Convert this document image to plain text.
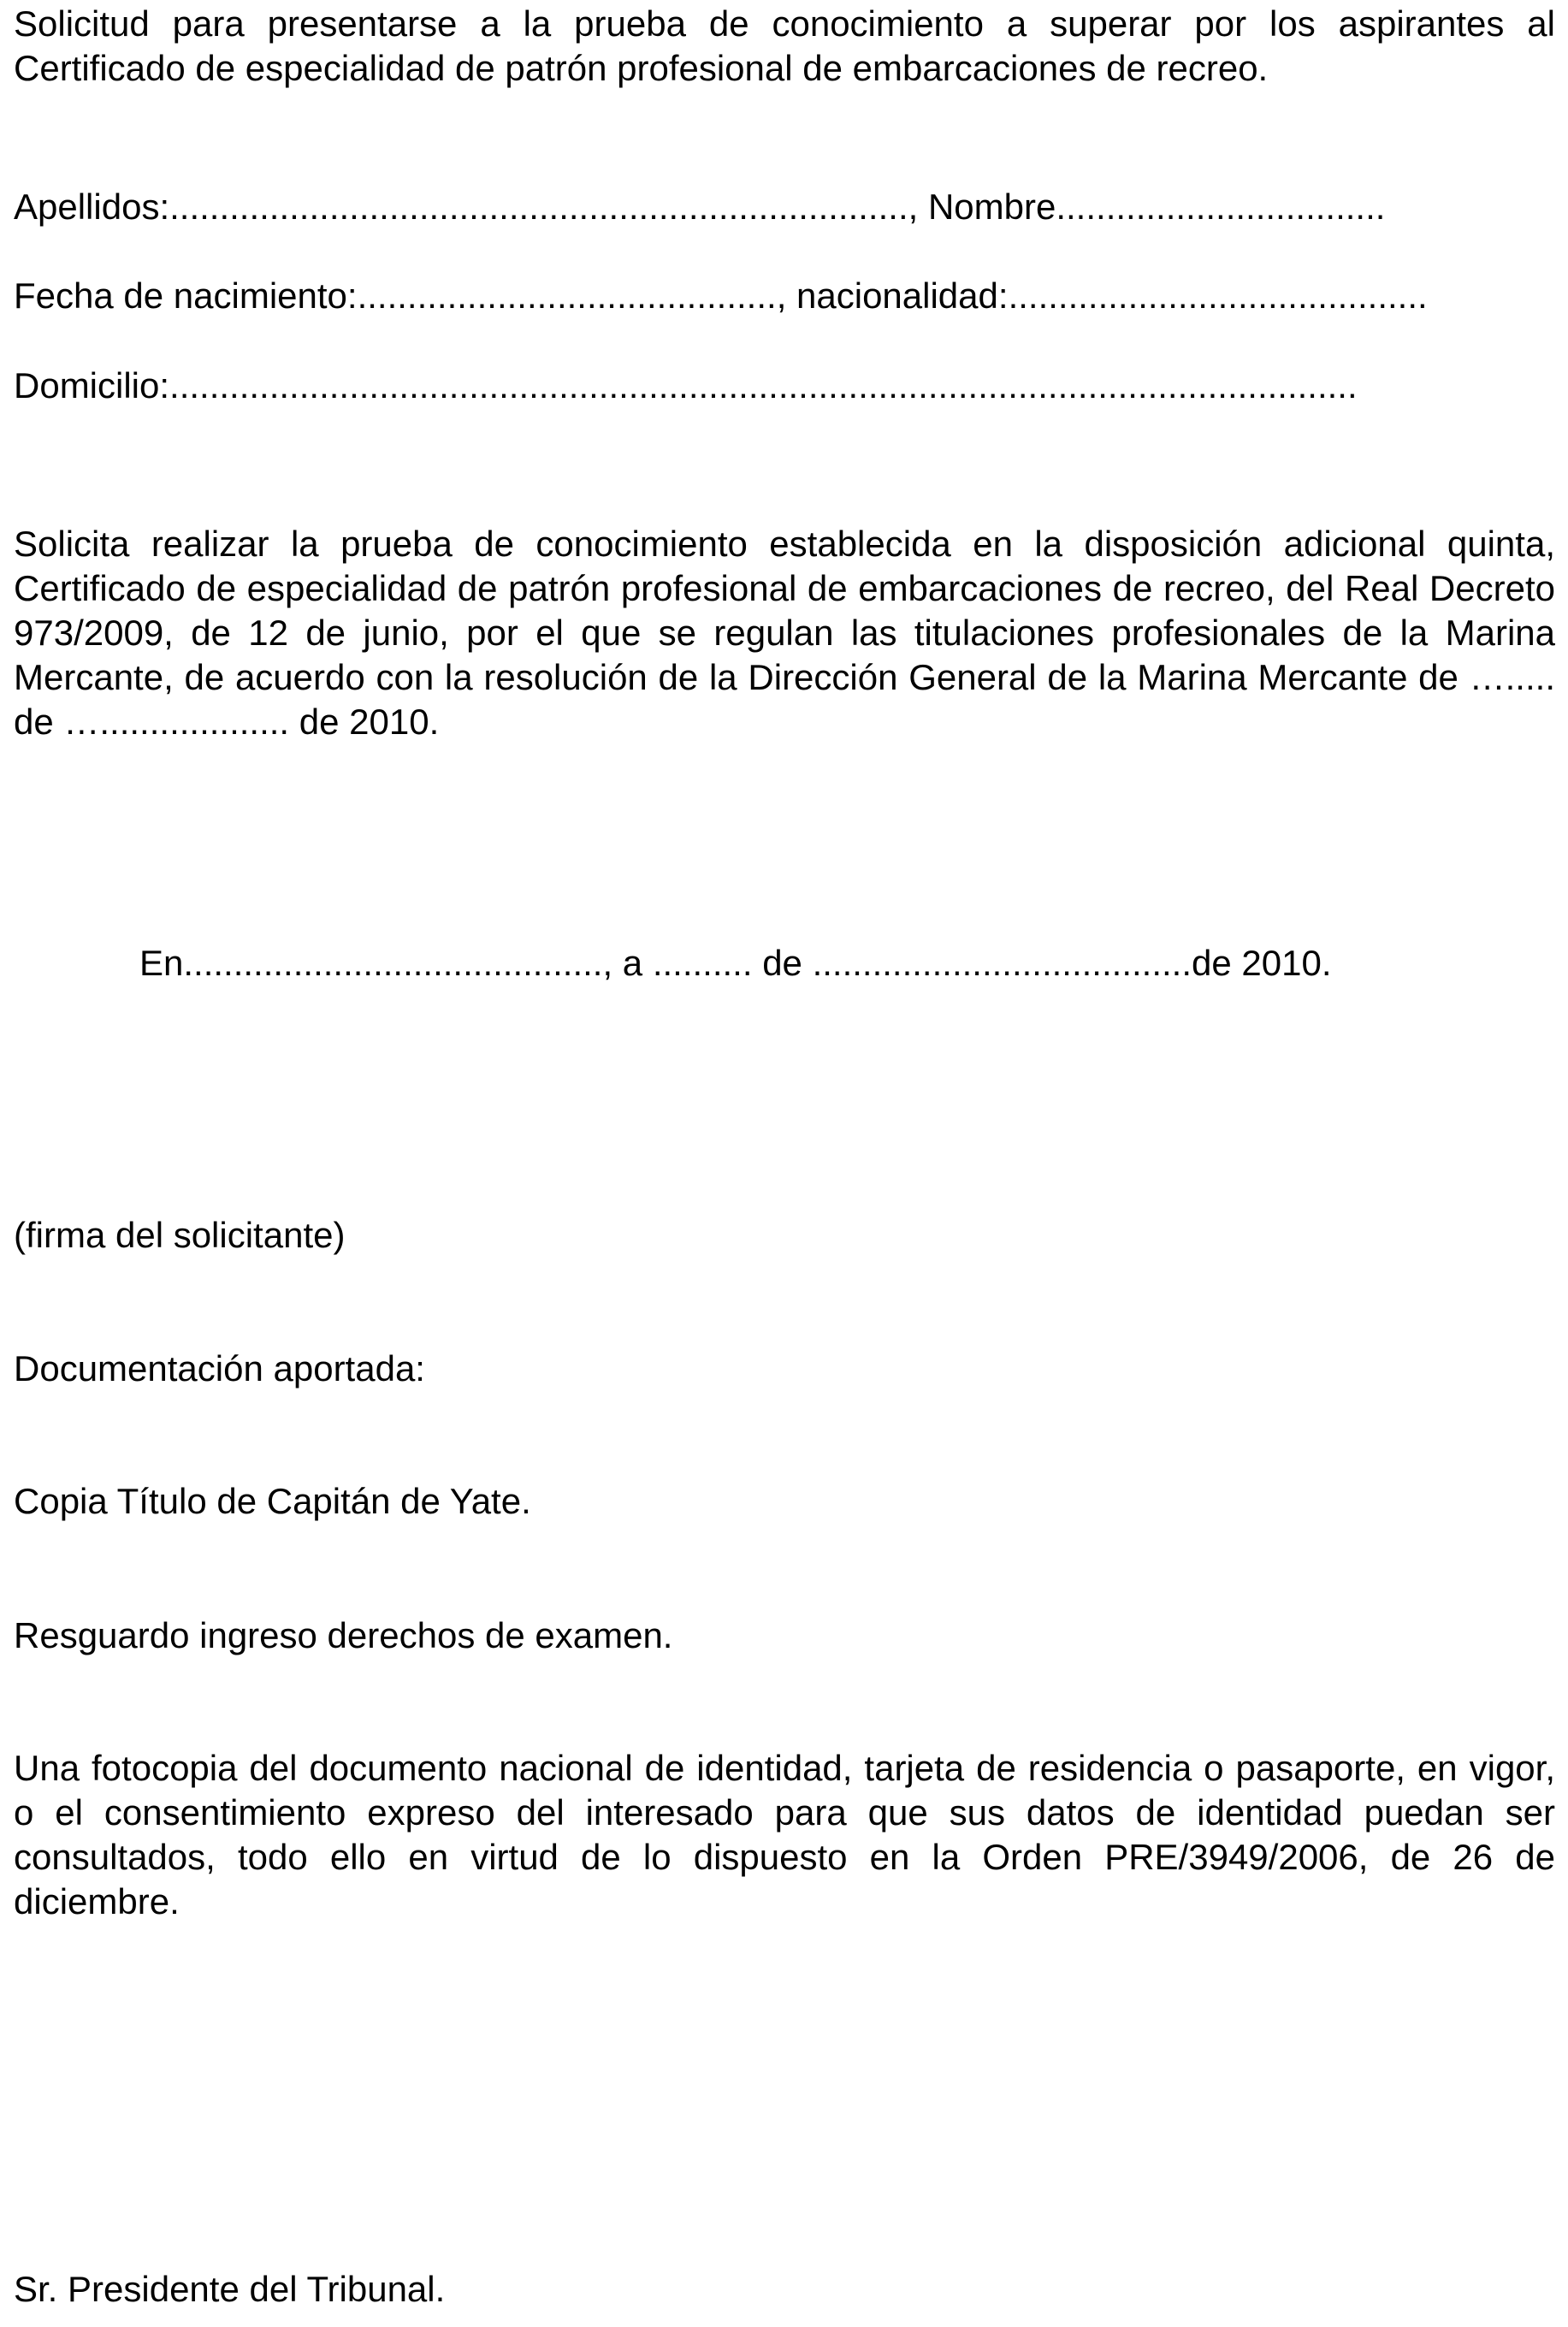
Solicitud para presentarse a la prueba de conocimiento a superar por los aspirantes al Certificado de especialidad de patrón profesional de embarcaciones de recreo.

Apellidos: .......................................................................... , Nombre .................................
Fecha de nacimiento: .......................................... , nacionalidad: ..........................................
Domicilio: .......................................................................................................................

Solicita realizar la prueba de conocimiento establecida en la disposición adicional quinta, Certificado de especialidad de patrón profesional de embarcaciones de recreo, del Real Decreto 973/2009, de 12 de junio, por el que se regulan las titulaciones profesionales de la Marina Mercante, de acuerdo con la resolución de la Dirección General de la Marina Mercante de …..... de …................... de 2010.

En.........................................., a .......... de ......................................de 2010.

(firma del solicitante)

Documentación aportada:

Copia Título de Capitán de Yate.

Resguardo ingreso derechos de examen.

Una fotocopia del documento nacional de identidad, tarjeta de residencia o pasaporte, en vigor, o el consentimiento expreso del interesado para que sus datos de identidad puedan ser consultados, todo ello en virtud de lo dispuesto en la Orden PRE/3949/2006, de 26 de diciembre.

Sr. Presidente del Tribunal.
